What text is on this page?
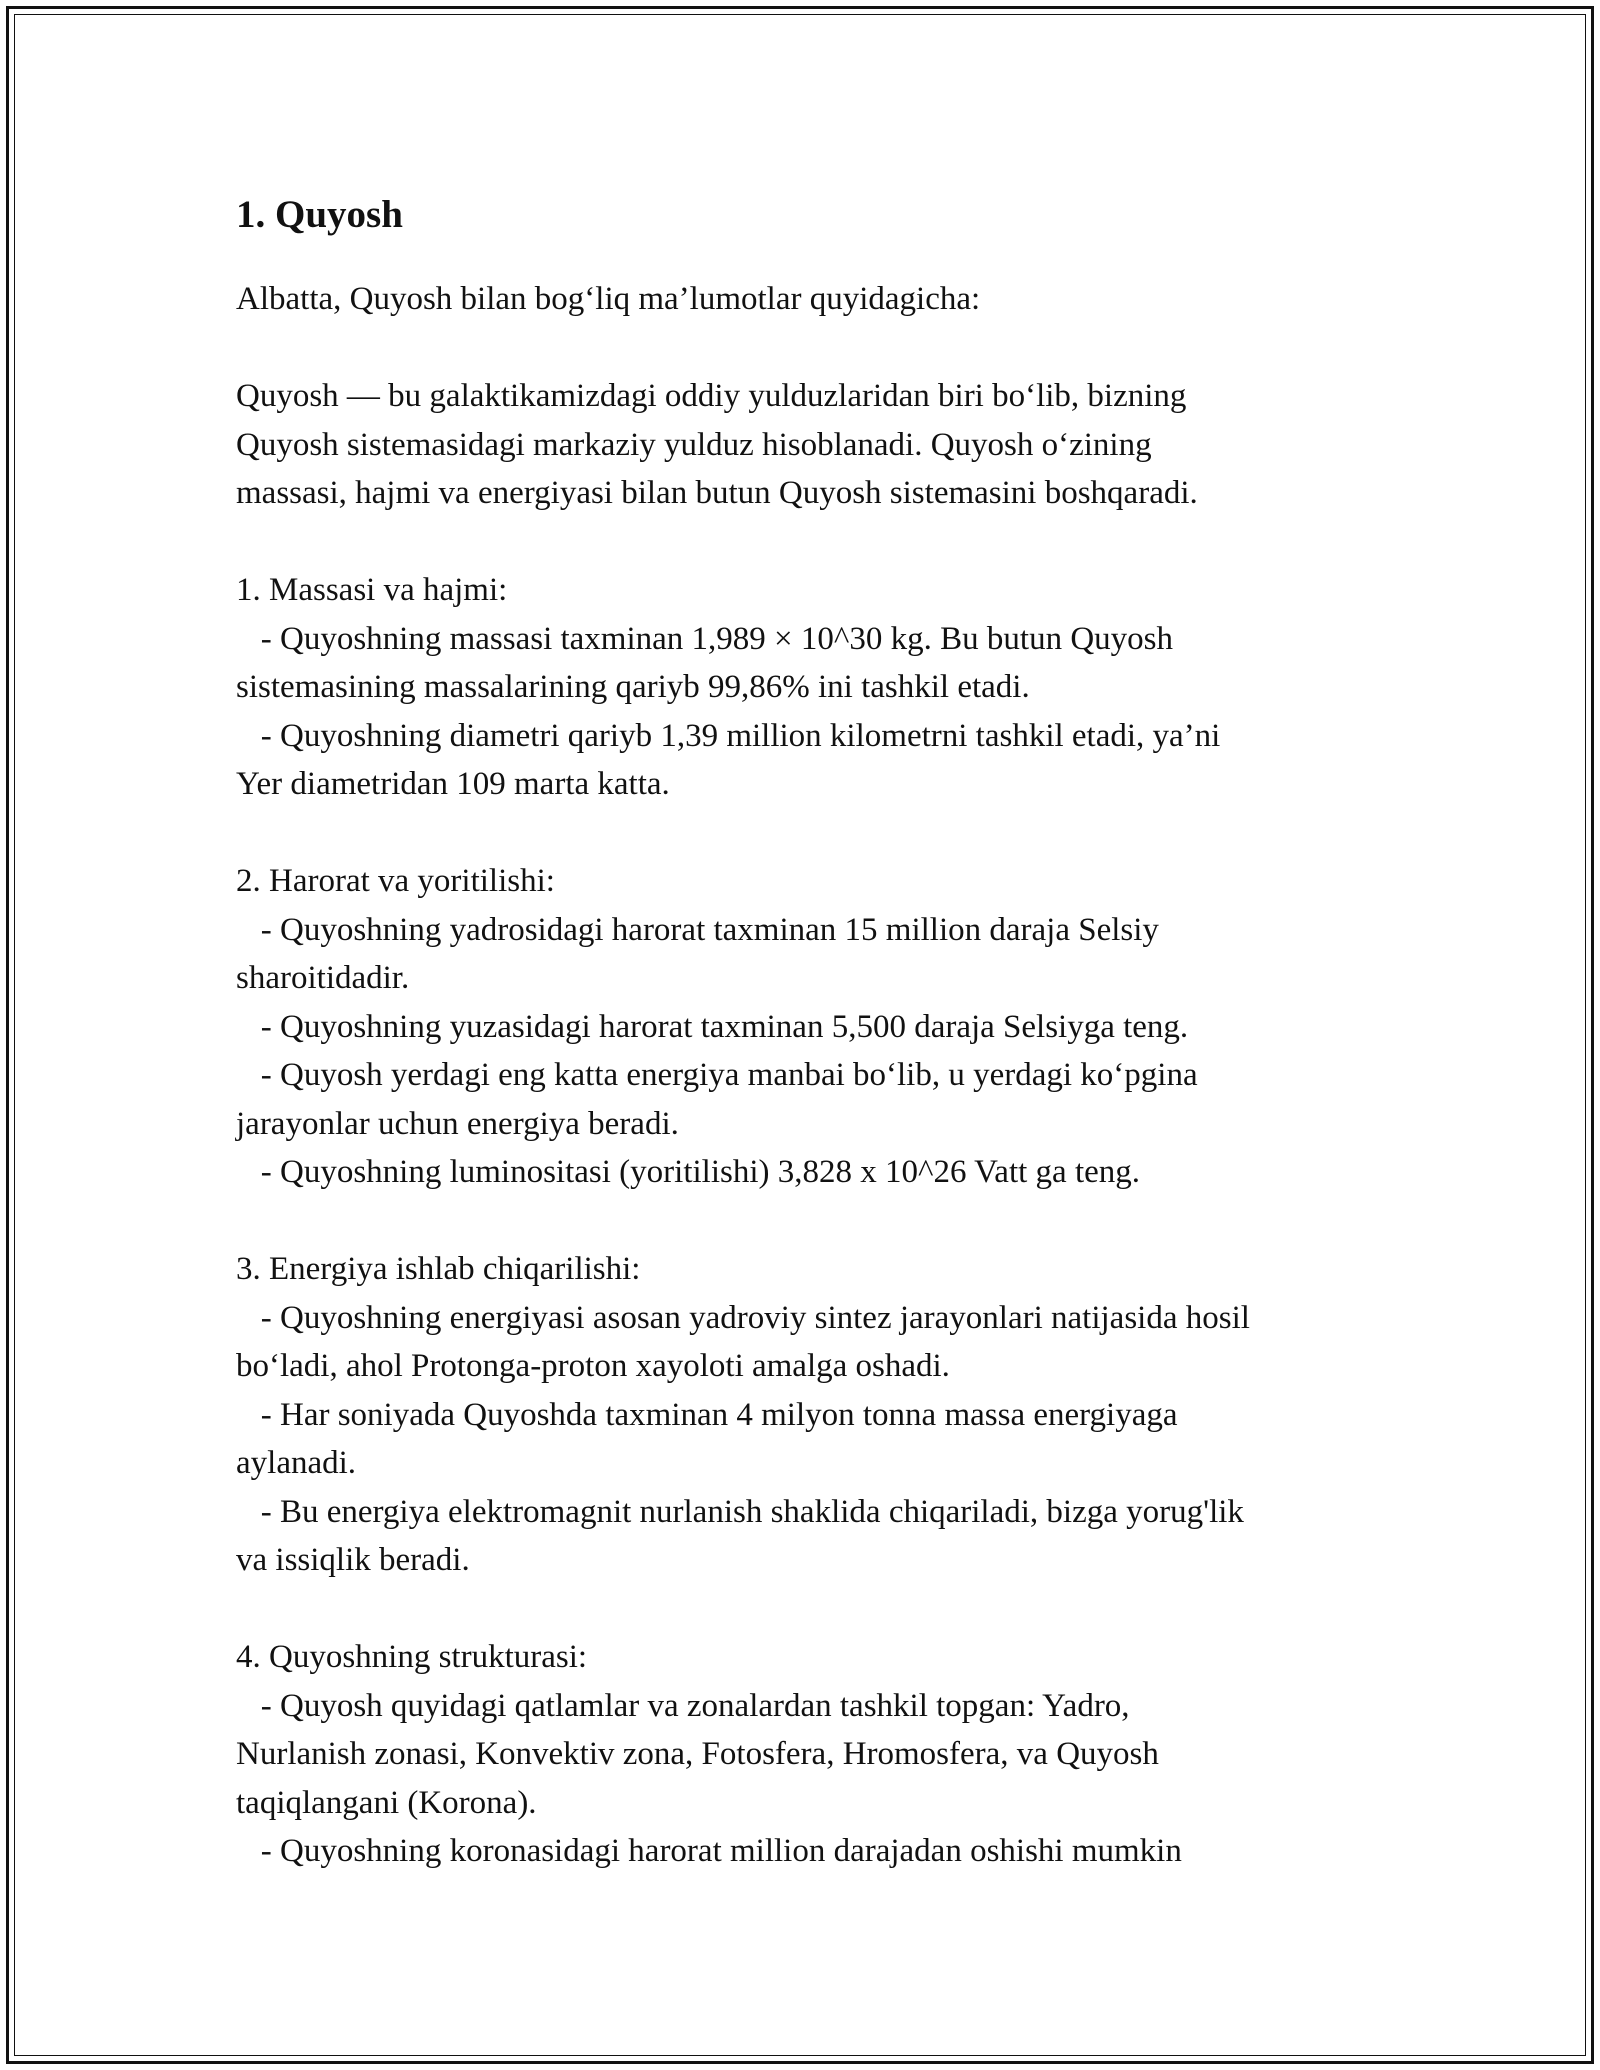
1. Quyosh

Albatta, Quyosh bilan bog‘liq ma’lumotlar quyidagicha:

Quyosh — bu galaktikamizdagi oddiy yulduzlaridan biri bo‘lib, bizning

Quyosh sistemasidagi markaziy yulduz hisoblanadi. Quyosh o‘zining

massasi, hajmi va energiyasi bilan butun Quyosh sistemasini boshqaradi.

1. Massasi va hajmi:

- Quyoshning massasi taxminan 1,989 × 10^30 kg. Bu butun Quyosh

sistemasining massalarining qariyb 99,86% ini tashkil etadi.

- Quyoshning diametri qariyb 1,39 million kilometrni tashkil etadi, ya’ni

Yer diametridan 109 marta katta.

2. Harorat va yoritilishi:

- Quyoshning yadrosidagi harorat taxminan 15 million daraja Selsiy

sharoitidadir.

- Quyoshning yuzasidagi harorat taxminan 5,500 daraja Selsiyga teng.

- Quyosh yerdagi eng katta energiya manbai bo‘lib, u yerdagi ko‘pgina

jarayonlar uchun energiya beradi.

- Quyoshning luminositasi (yoritilishi) 3,828 x 10^26 Vatt ga teng.

3. Energiya ishlab chiqarilishi:

- Quyoshning energiyasi asosan yadroviy sintez jarayonlari natijasida hosil

bo‘ladi, ahol Protonga-proton xayoloti amalga oshadi.

- Har soniyada Quyoshda taxminan 4 milyon tonna massa energiyaga

aylanadi.

- Bu energiya elektromagnit nurlanish shaklida chiqariladi, bizga yorug'lik

va issiqlik beradi.

4. Quyoshning strukturasi:

- Quyosh quyidagi qatlamlar va zonalardan tashkil topgan: Yadro,

Nurlanish zonasi, Konvektiv zona, Fotosfera, Hromosfera, va Quyosh

taqiqlangani (Korona).

- Quyoshning koronasidagi harorat million darajadan oshishi mumkin
